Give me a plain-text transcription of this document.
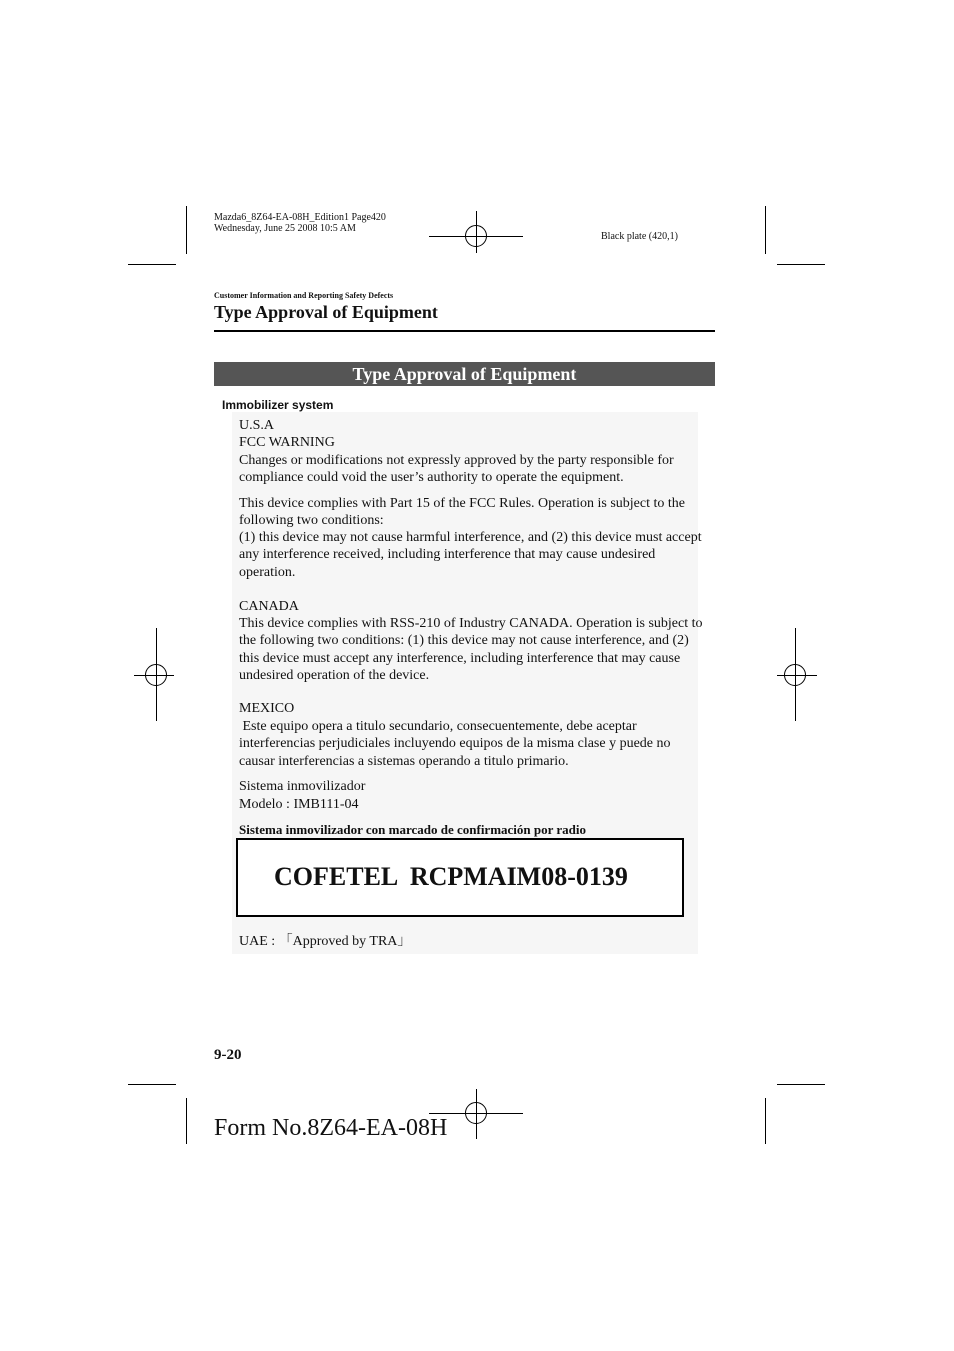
Mazda6_8Z64-EA-08H_Edition1 Page420
Wednesday, June 25 2008 10:5 AM
Black plate (420,1)
Customer Information and Reporting Safety Defects
Type Approval of Equipment
Type Approval of Equipment
Immobilizer system
U.S.A
FCC WARNING
Changes or modifications not expressly approved by the party responsible for compliance could void the user’s authority to operate the equipment.
This device complies with Part 15 of the FCC Rules. Operation is subject to the following two conditions:
(1) this device may not cause harmful interference, and (2) this device must accept any interference received, including interference that may cause undesired operation.
CANADA
This device complies with RSS-210 of Industry CANADA. Operation is subject to the following two conditions: (1) this device may not cause interference, and (2) this device must accept any interference, including interference that may cause undesired operation of the device.
MEXICO
Este equipo opera a titulo secundario, consecuentemente, debe aceptar interferencias perjudiciales incluyendo equipos de la misma clase y puede no causar interferencias a sistemas operando a titulo primario.
Sistema inmovilizador
Modelo : IMB111-04
Sistema inmovilizador con marcado de confirmación por radio
COFETEL  RCPMAIM08-0139
UAE : 「Approved by TRA」
9-20
Form No.8Z64-EA-08H
